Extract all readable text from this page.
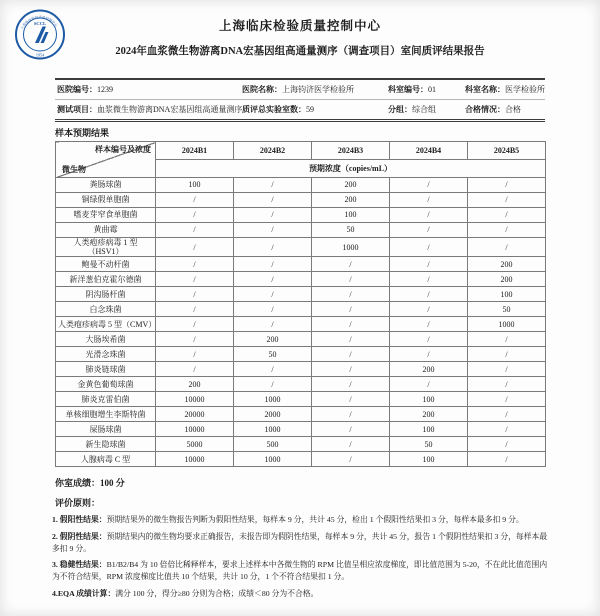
上海临床检验质量控制中心
SCCL
1954
上海临床检验质量控制中心
2024年血浆微生物游离DNA宏基因组高通量测序（调查项目）室间质评结果报告
医院编号：1239	医院名称：上海钧济医学检验所	科室编号：01	科室名称：医学检验所
测试项目：血浆微生物游离DNA宏基因组高通量测序 质评总实验室数：59	分组：综合组	合格情况：合格
样本预期结果
样本编号及浓度
微生物	2024B1	2024B2	2024B3	2024B4	2024B5
	预期浓度（copies/mL）				
粪肠球菌	100	/	200	/	/
铜绿假单胞菌	/	/	200	/	/
嗜麦芽窄食单胞菌	/	/	100	/	/
黄曲霉	/	/	50	/	/
人类疱疹病毒 1 型（HSV1）	/	/	1000	/	/
鲍曼不动杆菌	/	/	/	/	200
新洋葱伯克霍尔德菌	/	/	/	/	200
阴沟肠杆菌	/	/	/	/	100
白念珠菌	/	/	/	/	50
人类疱疹病毒 5 型（CMV）	/	/	/	/	1000
大肠埃希菌	/	200	/	/	/
光滑念珠菌	/	50	/	/	/
肺炎链球菌	/	/	/	200	/
金黄色葡萄球菌	200	/	/	/	/
肺炎克雷伯菌	10000	1000	/	100	/
单核细胞增生李斯特菌	20000	2000	/	200	/
屎肠球菌	10000	1000	/	100	/
新生隐球菌	5000	500	/	50	/
人腺病毒 C 型	10000	1000	/	100	/
你室成绩：100 分
评价原则：

1. 假阳性结果：预期结果外的微生物报告判断为假阳性结果，每样本 9 分，共计 45 分，检出 1 个假阳性结果扣 3 分，每样本最多扣 9 分。

2. 假阴性结果：预期结果内的微生物均要求正确报告，未报告即为假阴性结果，每样本 9 分，共计 45 分，报告 1 个假阴性结果扣 3 分，每样本最多扣 9 分。

3. 稳健性结果：B1/B2/B4 为 10 倍倍比稀释样本，要求上述样本中各微生物的 RPM 比值呈相应浓度梯度，即比值范围为 5-20，不在此比值范围内为不符合结果，RPM 浓度梯度比值共 10 个结果，共计 10 分，1 个不符合结果扣 1 分。

4.EQA 成绩计算：满分 100 分，得分≥80 分则为合格；成绩＜80 分为不合格。
